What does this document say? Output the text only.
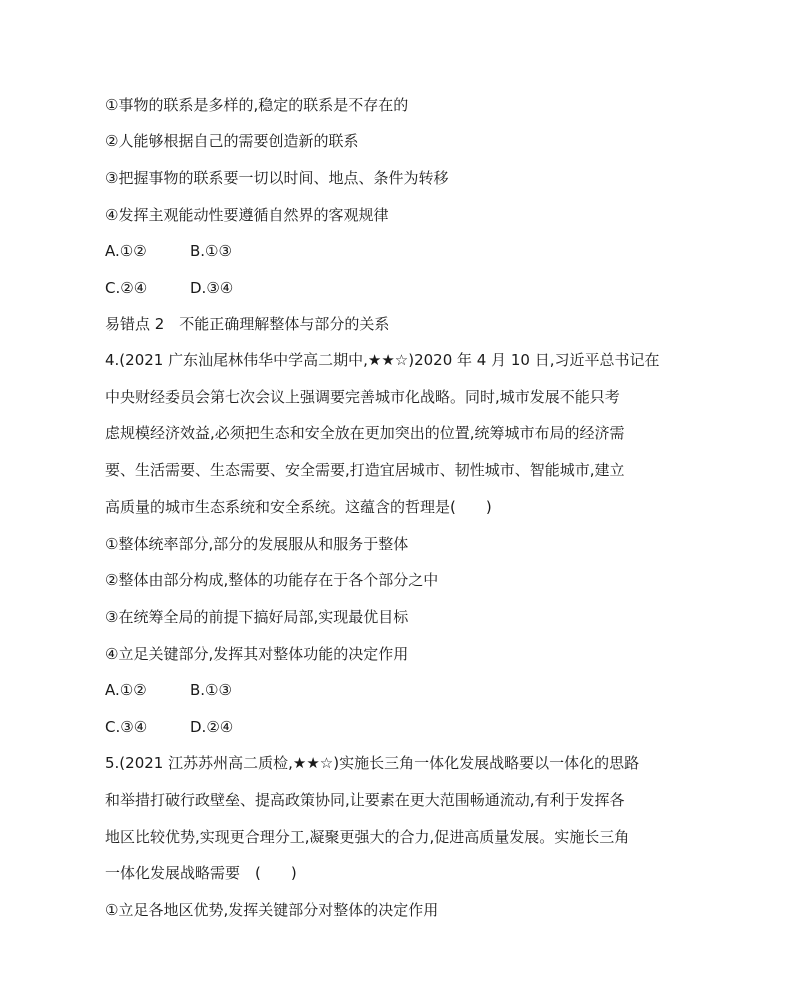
①事物的联系是多样的,稳定的联系是不存在的
②人能够根据自己的需要创造新的联系
③把握事物的联系要一切以时间、地点、条件为转移
④发挥主观能动性要遵循自然界的客观规律
A.①②	B.①③
C.②④	D.③④
易错点 2　不能正确理解整体与部分的关系
4.(2021 广东汕尾林伟华中学高二期中,★★☆)2020 年 4 月 10 日,习近平总书记在
中央财经委员会第七次会议上强调要完善城市化战略。同时,城市发展不能只考
虑规模经济效益,必须把生态和安全放在更加突出的位置,统筹城市布局的经济需
要、生活需要、生态需要、安全需要,打造宜居城市、韧性城市、智能城市,建立
高质量的城市生态系统和安全系统。这蕴含的哲理是(　　)
①整体统率部分,部分的发展服从和服务于整体
②整体由部分构成,整体的功能存在于各个部分之中
③在统筹全局的前提下搞好局部,实现最优目标
④立足关键部分,发挥其对整体功能的决定作用
A.①②	B.①③
C.③④	D.②④
5.(2021 江苏苏州高二质检,★★☆)实施长三角一体化发展战略要以一体化的思路
和举措打破行政壁垒、提高政策协同,让要素在更大范围畅通流动,有利于发挥各
地区比较优势,实现更合理分工,凝聚更强大的合力,促进高质量发展。实施长三角
一体化发展战略需要　(　　)
①立足各地区优势,发挥关键部分对整体的决定作用
